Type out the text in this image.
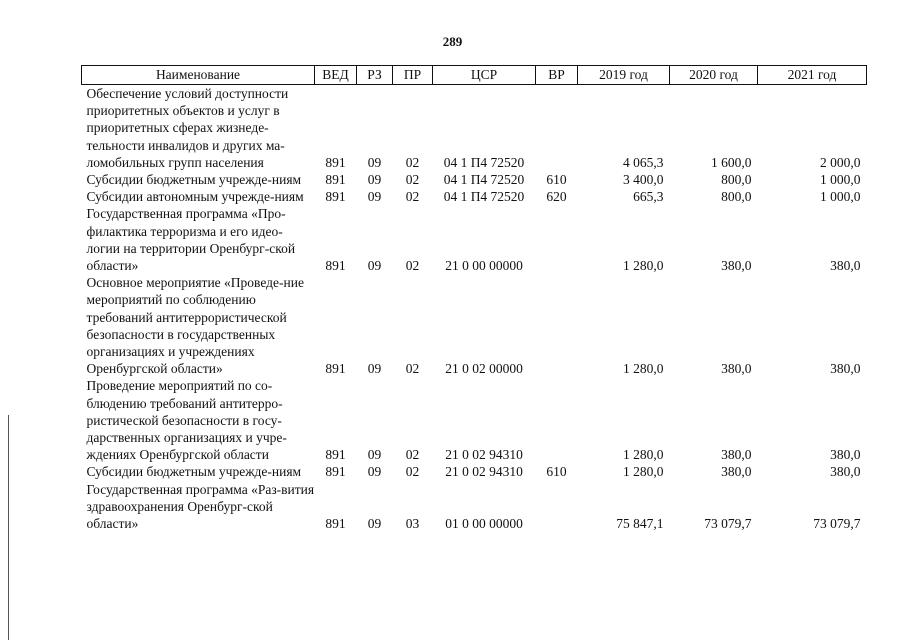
289
Наименование	ВЕД	РЗ	ПР	ЦСР	ВР	2019 год	2020 год	2021 год
Обеспечение условий доступности приоритетных объектов и услуг в приоритетных сферах жизнеде-тельности инвалидов и других ма-ломобильных групп населения	891	09	02	04 1 П4 72520		4 065,3	1 600,0	2 000,0
Субсидии бюджетным учрежде-ниям	891	09	02	04 1 П4 72520	610	3 400,0	800,0	1 000,0
Субсидии автономным учрежде-ниям	891	09	02	04 1 П4 72520	620	665,3	800,0	1 000,0
Государственная программа «Про-филактика терроризма и его идео-логии на территории Оренбург-ской области»	891	09	02	21 0 00 00000		1 280,0	380,0	380,0
Основное мероприятие «Проведе-ние мероприятий по соблюдению требований антитеррористической безопасности в государственных организациях и учреждениях Оренбургской области»	891	09	02	21 0 02 00000		1 280,0	380,0	380,0
Проведение мероприятий по со-блюдению требований антитерро-ристической безопасности в госу-дарственных организациях и учре-ждениях Оренбургской области	891	09	02	21 0 02 94310		1 280,0	380,0	380,0
Субсидии бюджетным учрежде-ниям	891	09	02	21 0 02 94310	610	1 280,0	380,0	380,0
Государственная программа «Раз-вития здравоохранения Оренбург-ской области»	891	09	03	01 0 00 00000		75 847,1	73 079,7	73 079,7
